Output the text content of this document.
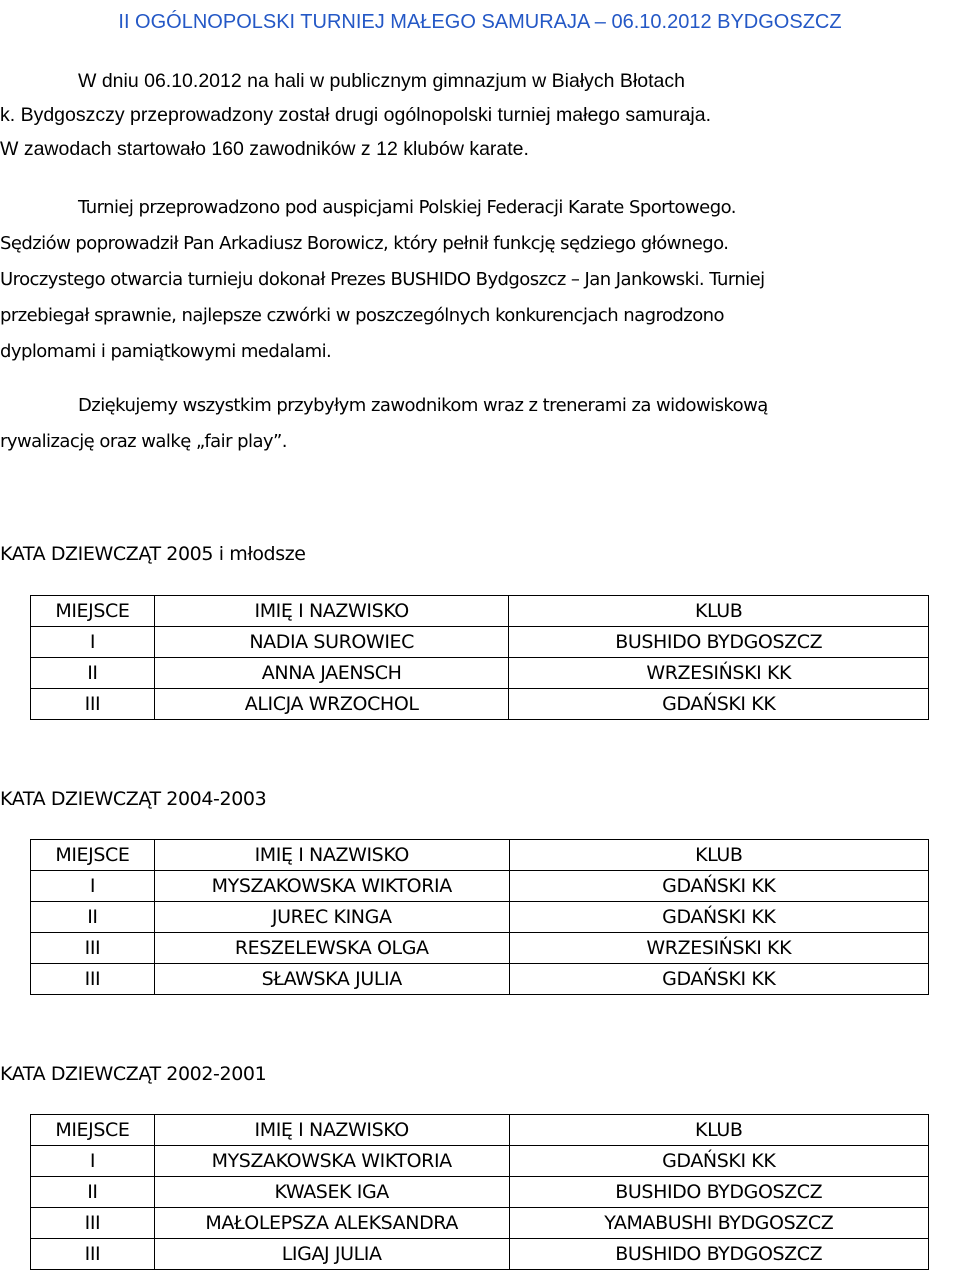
II OGÓLNOPOLSKI TURNIEJ MAŁEGO SAMURAJA – 06.10.2012 BYDGOSZCZ
W dniu 06.10.2012 na hali w publicznym gimnazjum w Białych Błotach
k. Bydgoszczy przeprowadzony został drugi ogólnopolski turniej małego samuraja.
W zawodach startowało 160 zawodników z 12 klubów karate.
Turniej przeprowadzono pod auspicjami Polskiej Federacji Karate Sportowego.
Sędziów poprowadził Pan Arkadiusz Borowicz, który pełnił funkcję sędziego głównego.
Uroczystego otwarcia turnieju dokonał Prezes BUSHIDO Bydgoszcz – Jan Jankowski. Turniej
przebiegał sprawnie, najlepsze czwórki w poszczególnych konkurencjach nagrodzono
dyplomami i pamiątkowymi medalami.
Dziękujemy wszystkim przybyłym zawodnikom wraz z trenerami za widowiskową
rywalizację oraz walkę „fair play”.
KATA DZIEWCZĄT 2005 i młodsze
MIEJSCE	IMIĘ I NAZWISKO	KLUB
I	NADIA SUROWIEC	BUSHIDO BYDGOSZCZ
II	ANNA JAENSCH	WRZESIŃSKI KK
III	ALICJA WRZOCHOL	GDAŃSKI KK
KATA DZIEWCZĄT 2004-2003
MIEJSCE	IMIĘ I NAZWISKO	KLUB
I	MYSZAKOWSKA WIKTORIA	GDAŃSKI KK
II	JUREC KINGA	GDAŃSKI KK
III	RESZELEWSKA OLGA	WRZESIŃSKI KK
III	SŁAWSKA JULIA	GDAŃSKI KK
KATA DZIEWCZĄT 2002-2001
MIEJSCE	IMIĘ I NAZWISKO	KLUB
I	MYSZAKOWSKA WIKTORIA	GDAŃSKI KK
II	KWASEK IGA	BUSHIDO BYDGOSZCZ
III	MAŁOLEPSZA ALEKSANDRA	YAMABUSHI BYDGOSZCZ
III	LIGAJ JULIA	BUSHIDO BYDGOSZCZ
